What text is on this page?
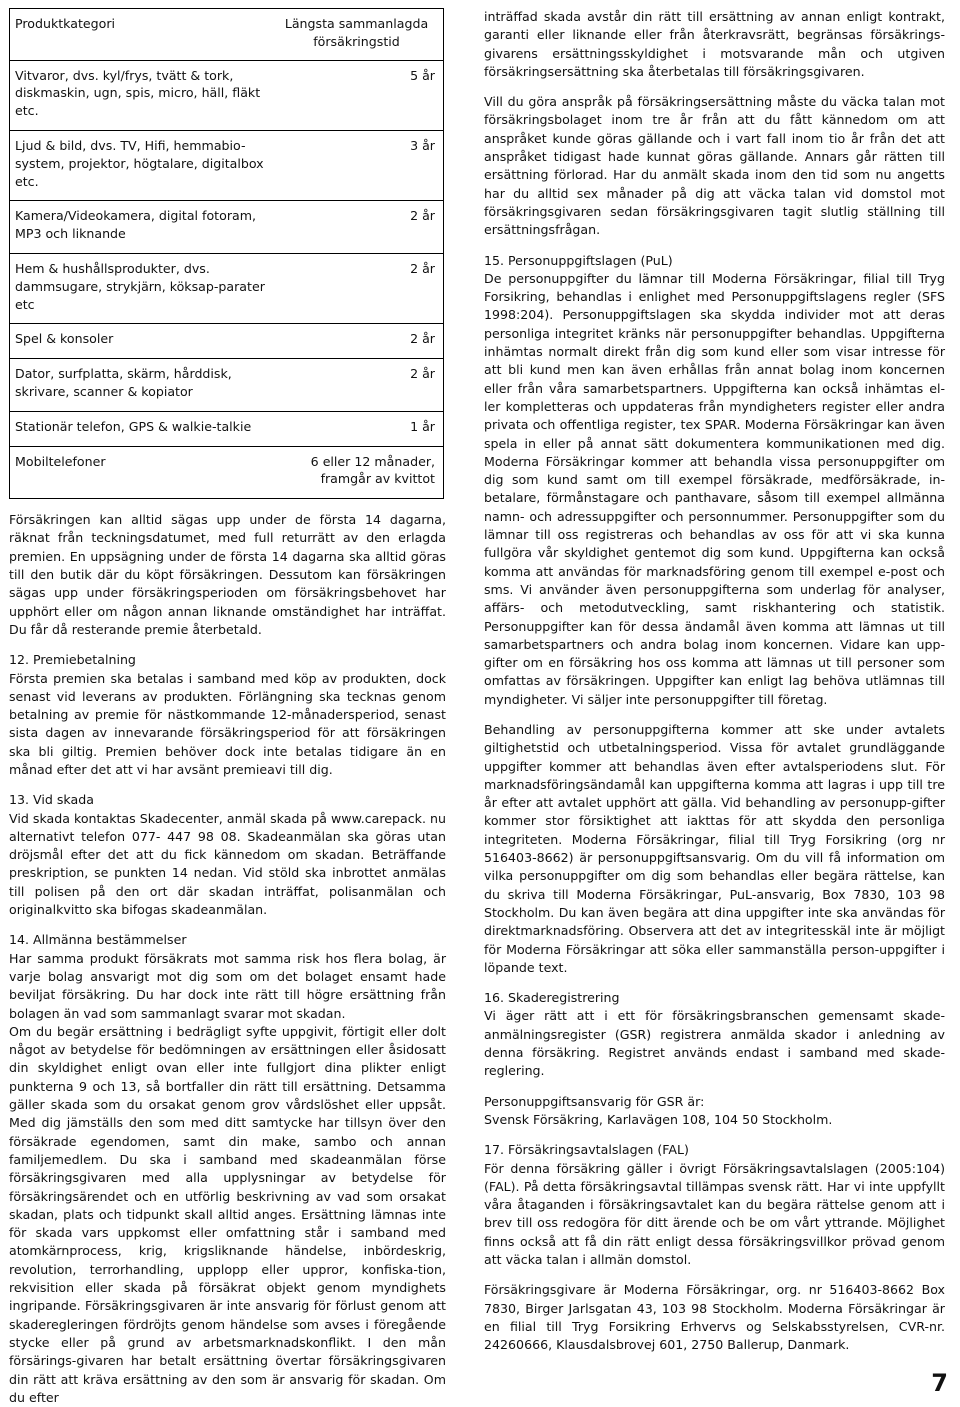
Produktkategori	Längsta sammanlagda försäkringstid
Vitvaror, dvs. kyl/frys, tvätt & tork, diskmaskin, ugn, spis, micro, häll, fläkt etc.	5 år
Ljud & bild, dvs. TV, Hifi, hemmabio-system, projektor, högtalare, digitalbox etc.	3 år
Kamera/Videokamera, digital fotoram, MP3 och liknande	2 år
Hem & hushållsprodukter, dvs. dammsugare, strykjärn, köksap-parater etc	2 år
Spel & konsoler	2 år
Dator, surfplatta, skärm, hårddisk, skrivare, scanner & kopiator	2 år
Stationär telefon, GPS & walkie-talkie	1 år
Mobiltelefoner	6 eller 12 månader, framgår av kvittot

Försäkringen kan alltid sägas upp under de första 14 dagarna, räknat från teckningsdatumet, med full returrätt av den erlagda premien. En uppsägning under de första 14 dagarna ska alltid göras till den butik där du köpt försäkringen. Dessutom kan försäkringen sägas upp under försäkringsperioden om försäkringsbehovet har upphört eller om någon annan liknande omständighet har inträffat. Du får då resterande premie återbetald.

12. Premiebetalning

Första premien ska betalas i samband med köp av produkten, dock senast vid leverans av produkten. Förlängning ska tecknas genom betalning av premie för nästkommande 12-månadersperiod, senast sista dagen av innevarande försäkringsperiod för att försäkringen ska bli giltig. Premien behöver dock inte betalas tidigare än en månad efter det att vi har avsänt premieavi till dig.

13. Vid skada

Vid skada kontaktas Skadecenter, anmäl skada på www.carepack. nu alternativt telefon 077- 447 98 08. Skadeanmälan ska göras utan dröjsmål efter det att du fick kännedom om skadan. Beträffande preskription, se punkten 14 nedan. Vid stöld ska inbrottet anmälas till polisen på den ort där skadan inträffat, polisanmälan och originalkvitto ska bifogas skadeanmälan.

14. Allmänna bestämmelser

Har samma produkt försäkrats mot samma risk hos flera bolag, är varje bolag ansvarigt mot dig som om det bolaget ensamt hade beviljat försäkring. Du har dock inte rätt till högre ersättning från bolagen än vad som sammanlagt svarar mot skadan.

Om du begär ersättning i bedrägligt syfte uppgivit, förtigit eller dolt något av betydelse för bedömningen av ersättningen eller åsidosatt din skyldighet enligt ovan eller inte fullgjort dina plikter enligt punkterna 9 och 13, så bortfaller din rätt till ersättning. Detsamma gäller skada som du orsakat genom grov vårdslöshet eller uppsåt. Med dig jämställs den som med ditt samtycke har tillsyn över den försäkrade egendomen, samt din make, sambo och annan familjemedlem. Du ska i samband med skadeanmälan förse försäkringsgivaren med alla upplysningar av betydelse för försäkringsärendet och en utförlig beskrivning av vad som orsakat skadan, plats och tidpunkt skall alltid anges. Ersättning lämnas inte för skada vars uppkomst eller omfattning står i samband med atomkärnprocess, krig, krigsliknande händelse, inbördeskrig, revolution, terrorhandling, upplopp eller uppror, konfiska-tion, rekvisition eller skada på försäkrat objekt genom myndighets ingripande. Försäkringsgivaren är inte ansvarig för förlust genom att skaderegleringen fördröjts genom händelse som avses i föregående stycke eller på grund av arbetsmarknadskonflikt. I den mån försärings-givaren har betalt ersättning övertar försäkringsgivaren din rätt att kräva ersättning av den som är ansvarig för skadan. Om du efter

inträffad skada avstår din rätt till ersättning av annan enligt kontrakt, garanti eller liknande eller från återkravsrätt, begränsas försäkrings-givarens ersättningsskyldighet i motsvarande mån och utgiven försäkringsersättning ska återbetalas till försäkringsgivaren.

Vill du göra anspråk på försäkringsersättning måste du väcka talan mot försäkringsbolaget inom tre år från att du fått kännedom om att anspråket kunde göras gällande och i vart fall inom tio år från det att anspråket tidigast hade kunnat göras gällande. Annars går rätten till ersättning förlorad. Har du anmält skada inom den tid som nu angetts har du alltid sex månader på dig att väcka talan vid domstol mot försäkringsgivaren sedan försäkringsgivaren tagit slutlig ställning till ersättningsfrågan.

15. Personuppgiftslagen (PuL)

De personuppgifter du lämnar till Moderna Försäkringar, filial till Tryg Forsikring, behandlas i enlighet med Personuppgiftslagens regler (SFS 1998:204). Personuppgiftslagen ska skydda individer mot att deras personliga integritet kränks när personuppgifter behandlas. Uppgifterna inhämtas normalt direkt från dig som kund eller som visar intresse för att bli kund men kan även erhållas från annat bolag inom koncernen eller från våra samarbetspartners. Uppgifterna kan också inhämtas el-ler kompletteras och uppdateras från myndigheters register eller andra privata och offentliga register, tex SPAR. Moderna Försäkringar kan även spela in eller på annat sätt dokumentera kommunikationen med dig. Moderna Försäkringar kommer att behandla vissa personuppgifter om dig som kund samt om till exempel försäkrade, medförsäkrade, in-betalare, förmånstagare och panthavare, såsom till exempel allmänna namn- och adressuppgifter och personnummer. Personuppgifter som du lämnar till oss registreras och behandlas av oss för att vi ska kunna fullgöra vår skyldighet gentemot dig som kund. Uppgifterna kan också komma att användas för marknadsföring genom till exempel e-post och sms. Vi använder även personuppgifterna som underlag för analyser, affärs- och metodutveckling, samt riskhantering och statistik. Personuppgifter kan för dessa ändamål även komma att lämnas ut till samarbetspartners och andra bolag inom koncernen. Vidare kan upp-gifter om en försäkring hos oss komma att lämnas ut till personer som omfattas av försäkringen. Uppgifter kan enligt lag behöva utlämnas till myndigheter. Vi säljer inte personuppgifter till företag.

Behandling av personuppgifterna kommer att ske under avtalets giltighetstid och utbetalningsperiod. Vissa för avtalet grundläggande uppgifter kommer att behandlas även efter avtalsperiodens slut. För marknadsföringsändamål kan uppgifterna komma att lagras i upp till tre år efter att avtalet upphört att gälla. Vid behandling av personupp-gifter kommer stor försiktighet att iakttas för att skydda den personliga integriteten. Moderna Försäkringar, filial till Tryg Forsikring (org nr 516403-8662) är personuppgiftsansvarig. Om du vill få information om vilka personuppgifter om dig som behandlas eller begära rättelse, kan du skriva till Moderna Försäkringar, PuL-ansvarig, Box 7830, 103 98 Stockholm. Du kan även begära att dina uppgifter inte ska användas för direktmarknadsföring. Observera att det av integritesskäl inte är möjligt för Moderna Försäkringar att söka eller sammanställa person-uppgifter i löpande text.

16. Skaderegistrering

Vi äger rätt att i ett för försäkringsbranschen gemensamt skade-anmälningsregister (GSR) registrera anmälda skador i anledning av denna försäkring. Registret används endast i samband med skade-reglering.

Personuppgiftsansvarig för GSR är:

Svensk Försäkring, Karlavägen 108, 104 50 Stockholm.

17. Försäkringsavtalslagen (FAL)

För denna försäkring gäller i övrigt Försäkringsavtalslagen (2005:104) (FAL). På detta försäkringsavtal tillämpas svensk rätt. Har vi inte uppfyllt våra åtaganden i försäkringsavtalet kan du begära rättelse genom att i brev till oss redogöra för ditt ärende och be om vårt yttrande. Möjlighet finns också att få din rätt enligt dessa försäkringsvillkor prövad genom att väcka talan i allmän domstol.

Försäkringsgivare är Moderna Försäkringar, org. nr 516403-8662 Box 7830, Birger Jarlsgatan 43, 103 98 Stockholm. Moderna Försäkringar är en filial till Tryg Forsikring Erhvervs og Selskabsstyrelsen, CVR-nr. 24260666, Klausdalsbrovej 601, 2750 Ballerup, Danmark.

7
